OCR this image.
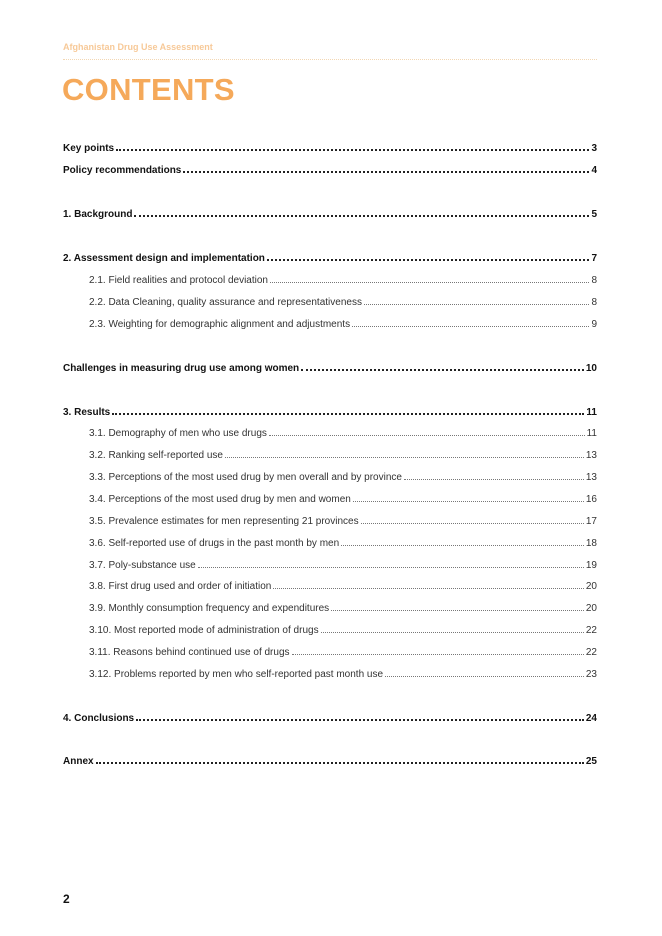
Afghanistan Drug Use Assessment
CONTENTS
Key points	3
Policy recommendations	4
1. Background	5
2. Assessment design and implementation	7
2.1. Field realities and protocol deviation	8
2.2. Data Cleaning, quality assurance and representativeness	8
2.3. Weighting for demographic alignment and adjustments	9
Challenges in measuring drug use among women	10
3. Results	11
3.1. Demography of men who use drugs	11
3.2. Ranking self-reported use	13
3.3. Perceptions of the most used drug by men overall and by province	13
3.4. Perceptions of the most used drug by men and women	16
3.5. Prevalence estimates for men representing 21 provinces	17
3.6. Self-reported use of drugs in the past month by men	18
3.7. Poly-substance use	19
3.8. First drug used and order of initiation	20
3.9. Monthly consumption frequency and expenditures	20
3.10. Most reported mode of administration of drugs	22
3.11. Reasons behind continued use of drugs	22
3.12. Problems reported by men who self-reported past month use	23
4. Conclusions	24
Annex	25
2
